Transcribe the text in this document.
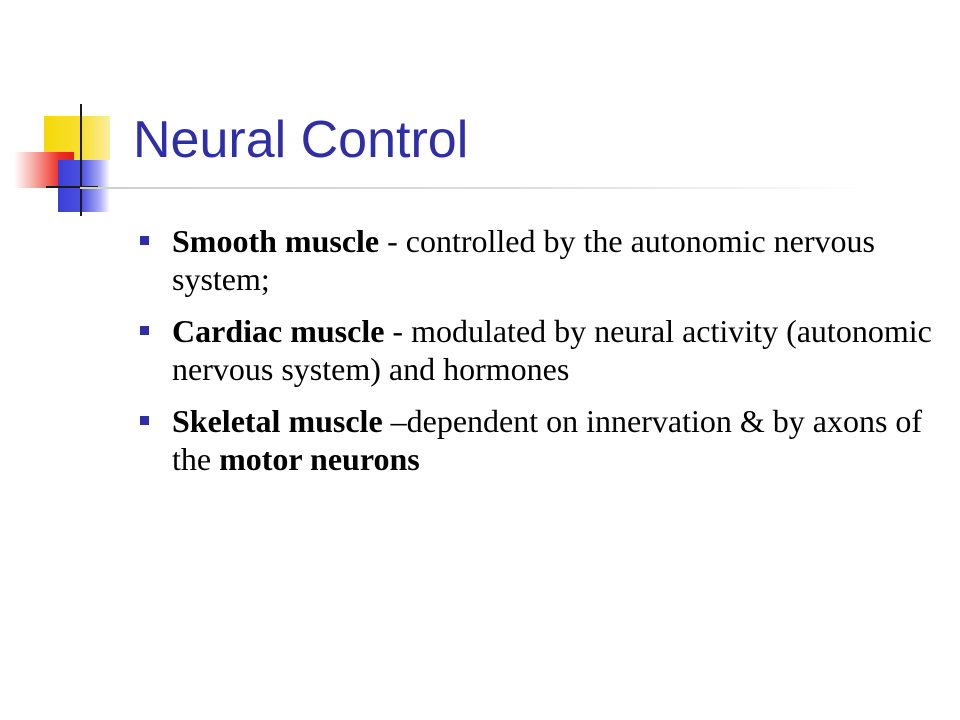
Neural Control
Smooth muscle - controlled by the autonomic nervous system;
Cardiac muscle - modulated by neural activity (autonomic nervous system) and hormones
Skeletal muscle –dependent on innervation & by axons of the motor neurons
